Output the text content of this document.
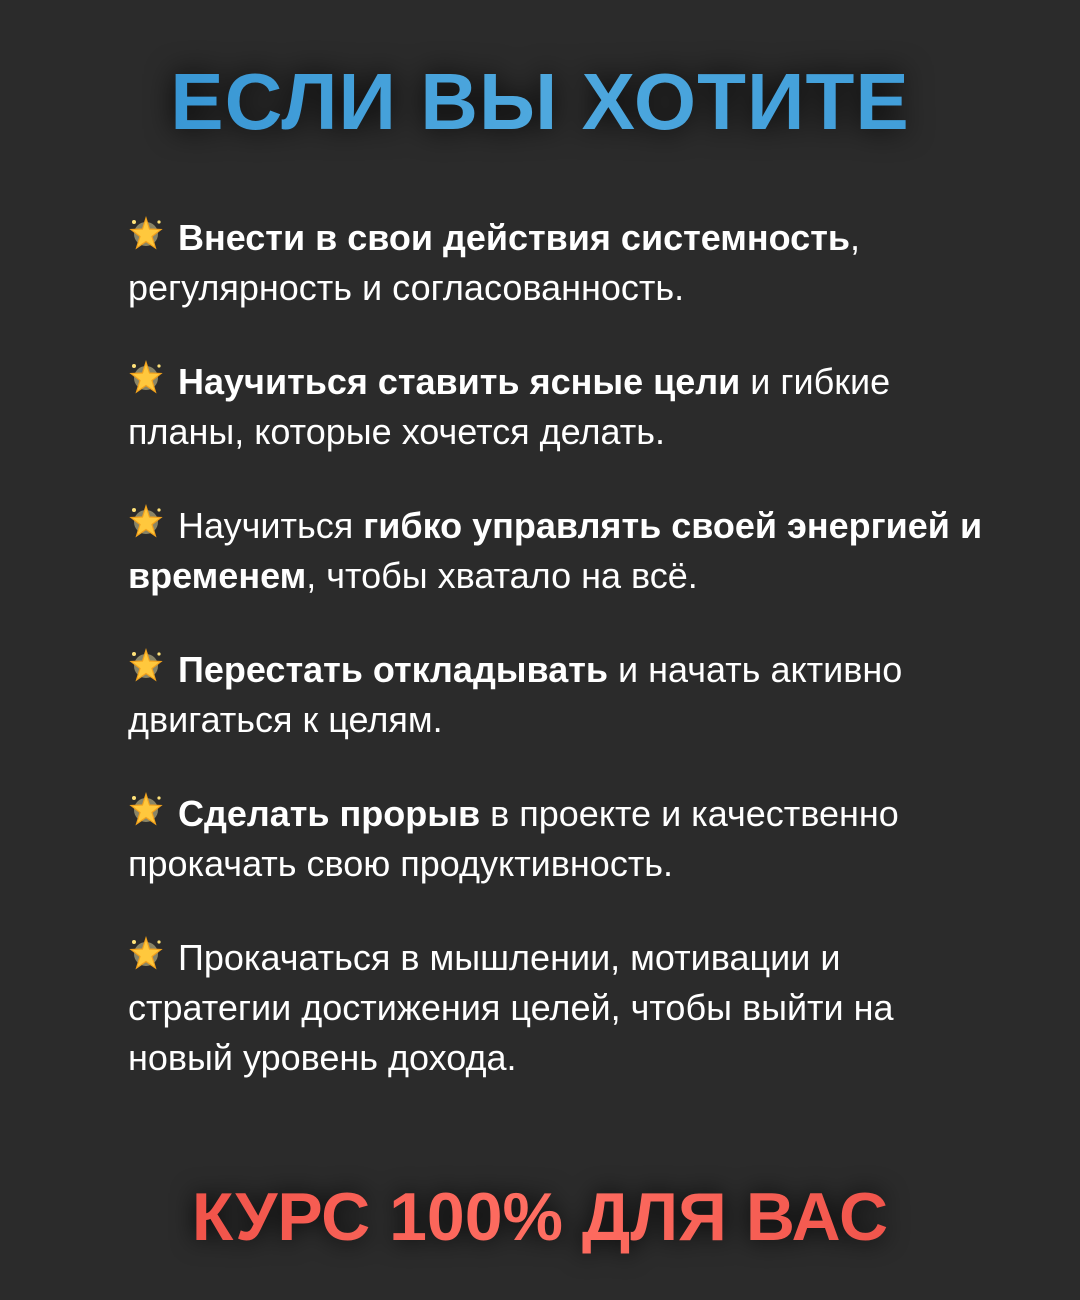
ЕСЛИ ВЫ ХОТИТЕ
Внести в свои действия системность, регулярность и согласованность.
Научиться ставить ясные цели и гибкие планы, которые хочется делать.
Научиться гибко управлять своей энергией и временем, чтобы хватало на всё.
Перестать откладывать и начать активно двигаться к целям.
Сделать прорыв в проекте и качественно прокачать свою продуктивность.
Прокачаться в мышлении, мотивации и стратегии достижения целей, чтобы выйти на новый уровень дохода.
КУРС 100% ДЛЯ ВАС
